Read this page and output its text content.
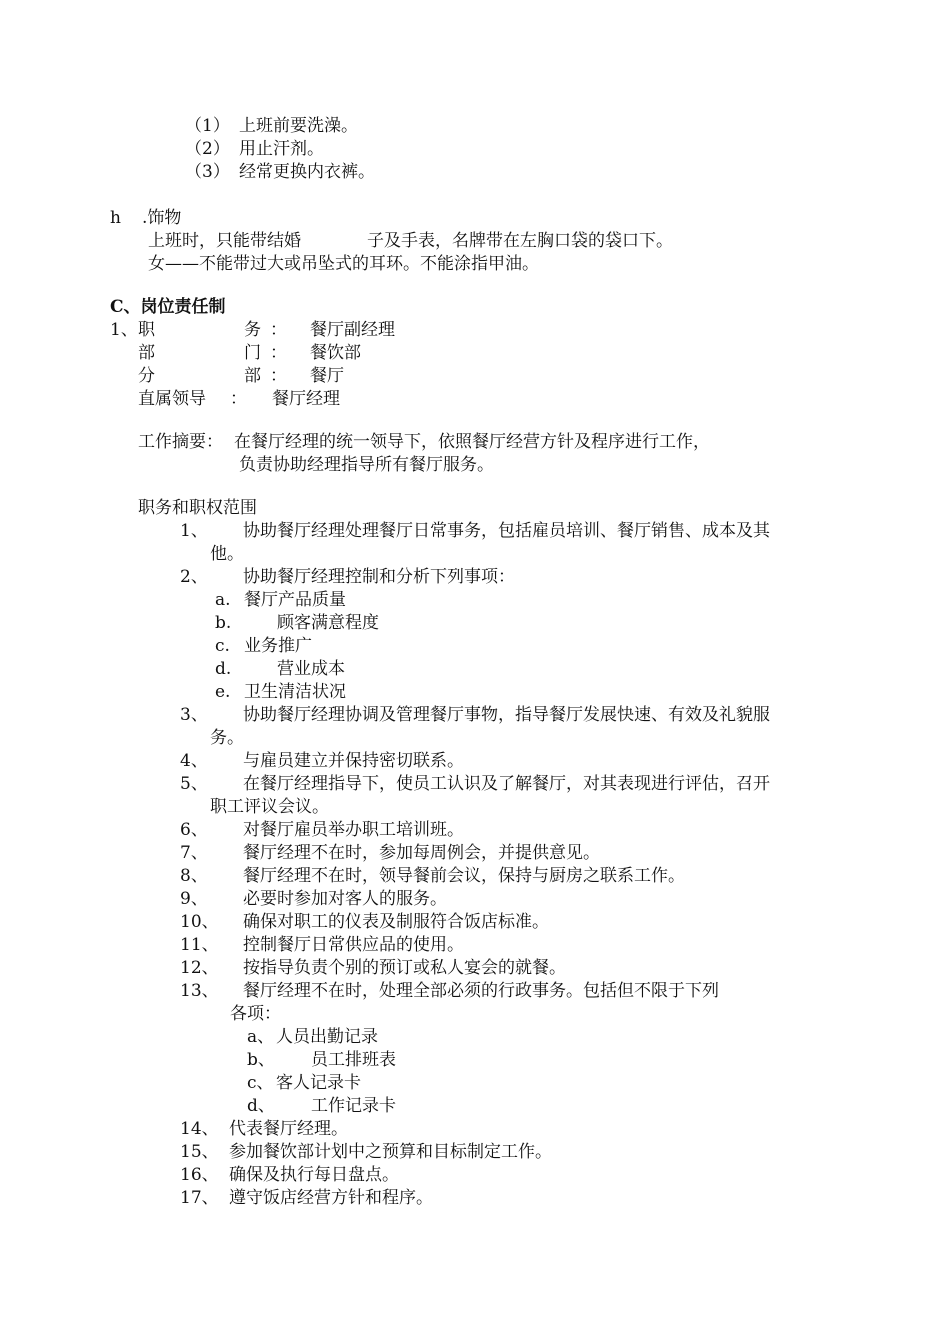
（1） 上班前要洗澡。
（2） 用止汗剂。
（3） 经常更换内衣裤。
h .饰物
上班时，只能带结婚	子及手表，名牌带在左胸口袋的袋口下。
女——不能带过大或吊坠式的耳环。不能涂指甲油。
C、岗位责任制
1、 职	务 ： 餐厅副经理
部	门 ： 餐饮部
分	部 ： 餐厅
直属领导 ： 餐厅经理
工作摘要： 在餐厅经理的统一领导下，依照餐厅经营方针及程序进行工作，
负责协助经理指导所有餐厅服务。
职务和职权范围
1、 协助餐厅经理处理餐厅日常事务，包括雇员培训、餐厅销售、成本及其
他。
2、 协助餐厅经理控制和分析下列事项：
a. 餐厅产品质量
b.	顾客满意程度
c. 业务推广
d.	营业成本
e. 卫生清洁状况
3、 协助餐厅经理协调及管理餐厅事物，指导餐厅发展快速、有效及礼貌服
务。
4、 与雇员建立并保持密切联系。
5、 在餐厅经理指导下，使员工认识及了解餐厅，对其表现进行评估，召开
职工评议会议。
6、 对餐厅雇员举办职工培训班。
7、 餐厅经理不在时，参加每周例会，并提供意见。
8、 餐厅经理不在时，领导餐前会议，保持与厨房之联系工作。
9、 必要时参加对客人的服务。
10、 确保对职工的仪表及制服符合饭店标准。
11、 控制餐厅日常供应品的使用。
12、 按指导负责个别的预订或私人宴会的就餐。
13、 餐厅经理不在时，处理全部必须的行政事务。包括但不限于下列
各项：
a、 人员出勤记录
b、 员工排班表
c、 客人记录卡
d、 工作记录卡
14、 代表餐厅经理。
15、 参加餐饮部计划中之预算和目标制定工作。
16、 确保及执行每日盘点。
17、 遵守饭店经营方针和程序。
